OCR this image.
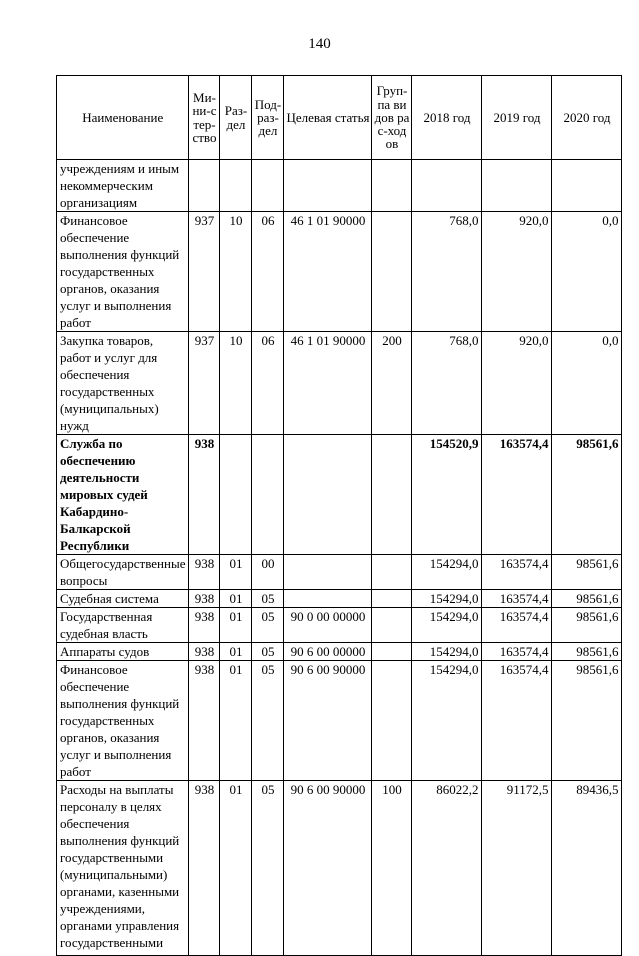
140
Наименование	Ми-ни-стер-ство	Раз-дел	Под-раз-дел	Целевая статья	Груп-па видов рас-ходов	2018 год	2019 год	2020 год
учреждениям и иным некоммерческим организациям								
Финансовое обеспечение выполнения функций государственных органов, оказания услуг и выполнения работ	937	10	06	46 1 01 90000		768,0	920,0	0,0
Закупка товаров, работ и услуг для обеспечения государственных (муниципальных) нужд	937	10	06	46 1 01 90000	200	768,0	920,0	0,0
Служба по обеспечению деятельности мировых судей Кабардино-Балкарской Республики	938					154520,9	163574,4	98561,6
Общегосударственные вопросы	938	01	00			154294,0	163574,4	98561,6
Судебная система	938	01	05			154294,0	163574,4	98561,6
Государственная судебная власть	938	01	05	90 0 00 00000		154294,0	163574,4	98561,6
Аппараты судов	938	01	05	90 6 00 00000		154294,0	163574,4	98561,6
Финансовое обеспечение выполнения функций государственных органов, оказания услуг и выполнения работ	938	01	05	90 6 00 90000		154294,0	163574,4	98561,6
Расходы на выплаты персоналу в целях обеспечения выполнения функций государственными (муниципальными) органами, казенными учреждениями, органами управления государственными	938	01	05	90 6 00 90000	100	86022,2	91172,5	89436,5
